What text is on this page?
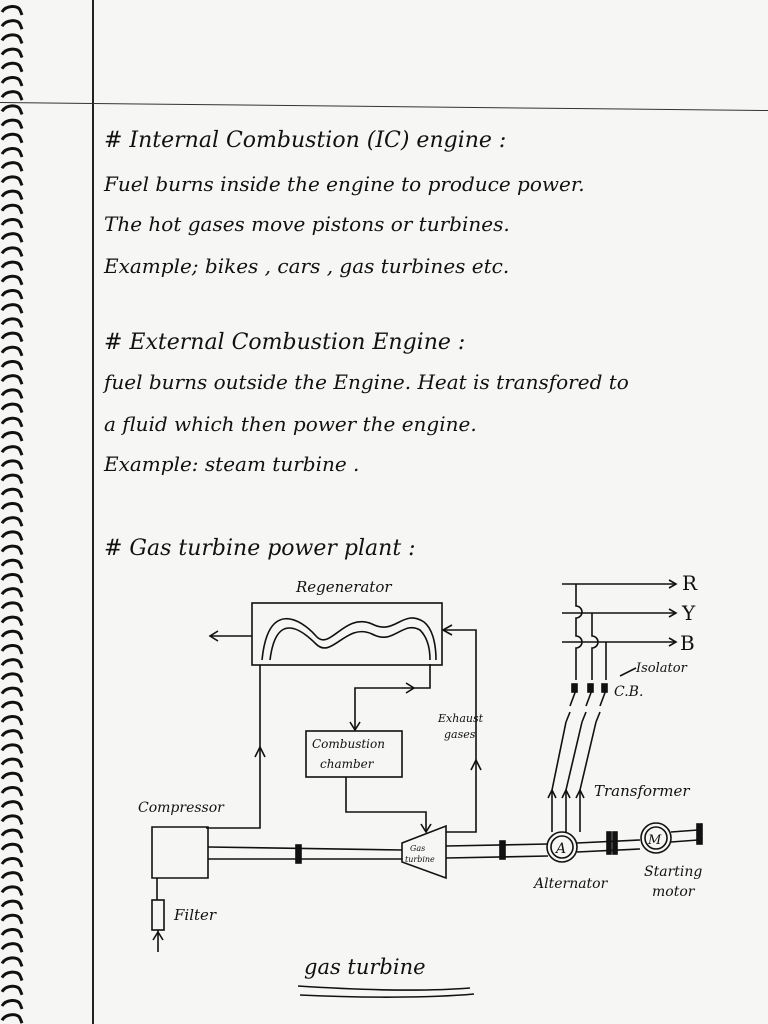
# Internal Combustion (IC) engine :
Fuel burns inside the engine to produce power.
The hot gases move pistons or turbines.
Example; bikes , cars , gas turbines etc.
# External Combustion Engine :
fuel burns outside the Engine. Heat is transfored to
a fluid which then power the engine.
Example: steam turbine .
# Gas turbine power plant :
Regenerator
Combustion
chamber
Exhaust
gases
Compressor
Gas
turbine
A
Alternator
M
Starting
motor
Filter
Transformer
Isolator
C.B.
R
Y
B
gas turbine
